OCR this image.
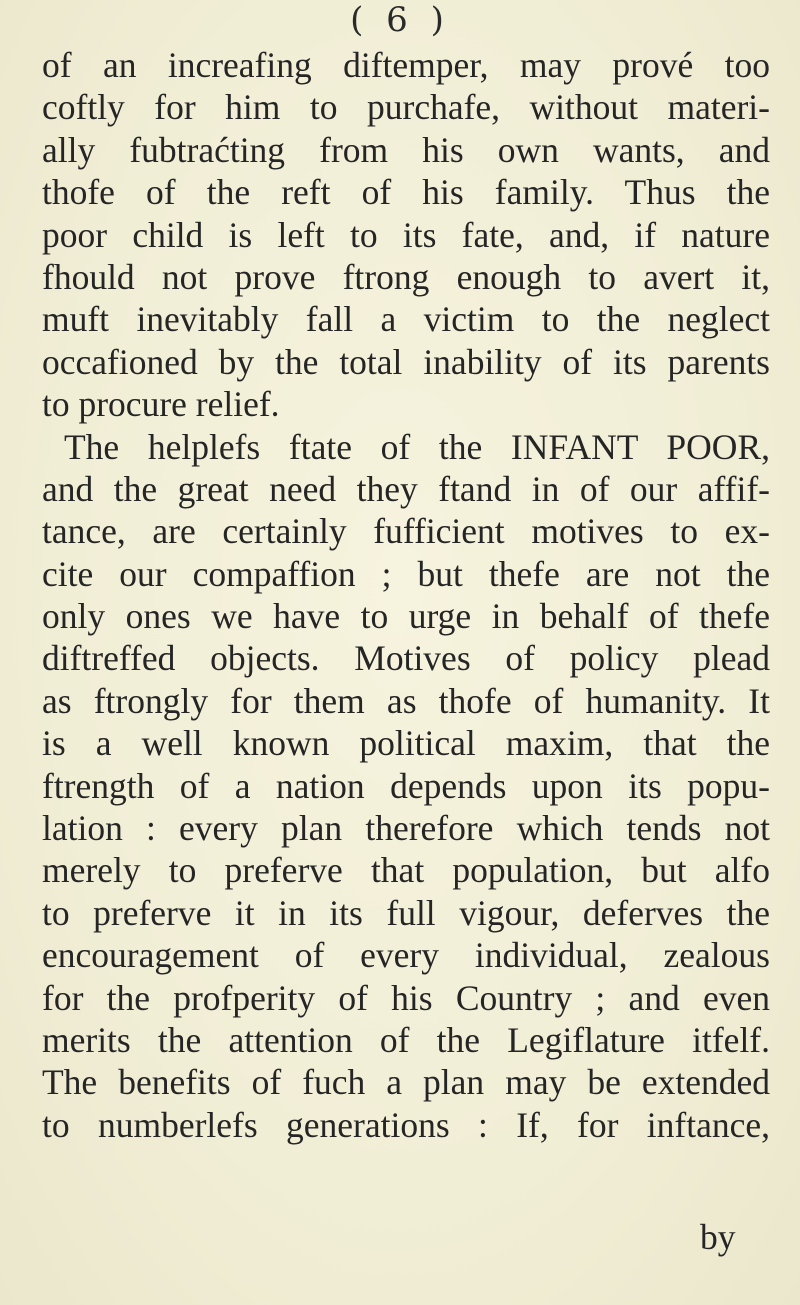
( 6 )
of an increafing diftemper, may prové too
coftly for him to purchafe, without materi-
ally fubtraćting from his own wants, and
thofe of the reft of his family. Thus the
poor child is left to its fate, and, if nature
fhould not prove ftrong enough to avert it,
muft inevitably fall a victim to the neglect
occafioned by the total inability of its parents
to procure relief.
The helplefs ftate of the INFANT POOR,
and the great need they ftand in of our affif-
tance, are certainly fufficient motives to ex-
cite our compaffion ; but thefe are not the
only ones we have to urge in behalf of thefe
diftreffed objects. Motives of policy plead
as ftrongly for them as thofe of humanity. It
is a well known political maxim, that the
ftrength of a nation depends upon its popu-
lation : every plan therefore which tends not
merely to preferve that population, but alfo
to preferve it in its full vigour, deferves the
encouragement of every individual, zealous
for the profperity of his Country ; and even
merits the attention of the Legiflature itfelf.
The benefits of fuch a plan may be extended
to numberlefs generations : If, for inftance,
by
